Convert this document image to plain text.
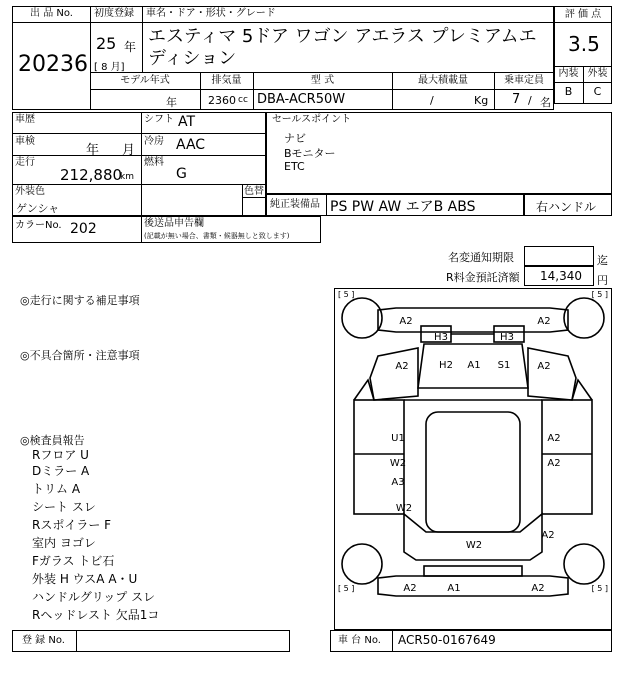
出 品 No.
20236
初度登録 車名・ドア・形状・グレード
25 年
[ 8 月]
エスティマ 5ドア ワゴン アエラス プレミアムエディション
モデル年式	排気量	型 式	最大積載量	乗車定員
年	2360 cc DBA-ACR50W	/	Kg 7 / 名
評 価 点
3.5
内装 外装
B	C
車歴	シフト AT
車検
年 月
冷房 AAC
走行
212,880
km
燃料
G
外装色
ゲンシャ
色替
カラーNo. 202	後送品申告欄
(記載が無い場合、書類・候器無しと致します)
セールスポイント
ナビ
Bモニター
ETC
純正装備品 PS PW AW エアB ABS	右ハンドル
名変通知期限	迄
R料金預託済額 14,340 円
◎走行に関する補足事項
◎不具合箇所・注意事項
◎検査員報告
Rフロア U
Dミラー A
トリム A
シート スレ
Rスポイラー F
室内 ヨゴレ
Fガラス トビ石
外装 H ウスA A・U
ハンドルグリップ スレ
Rヘッドレスト 欠品1コ
[ 5 ]	[ 5 ]
[ 5 ]	[ 5 ]
A2	A2
H3	H3
A2	H2 A1 S1	A2
U1	A2
W2	A2
A3
W2
A2
W2
A2	A1	A2
登 録 No.	車 台 No. ACR50-0167649
